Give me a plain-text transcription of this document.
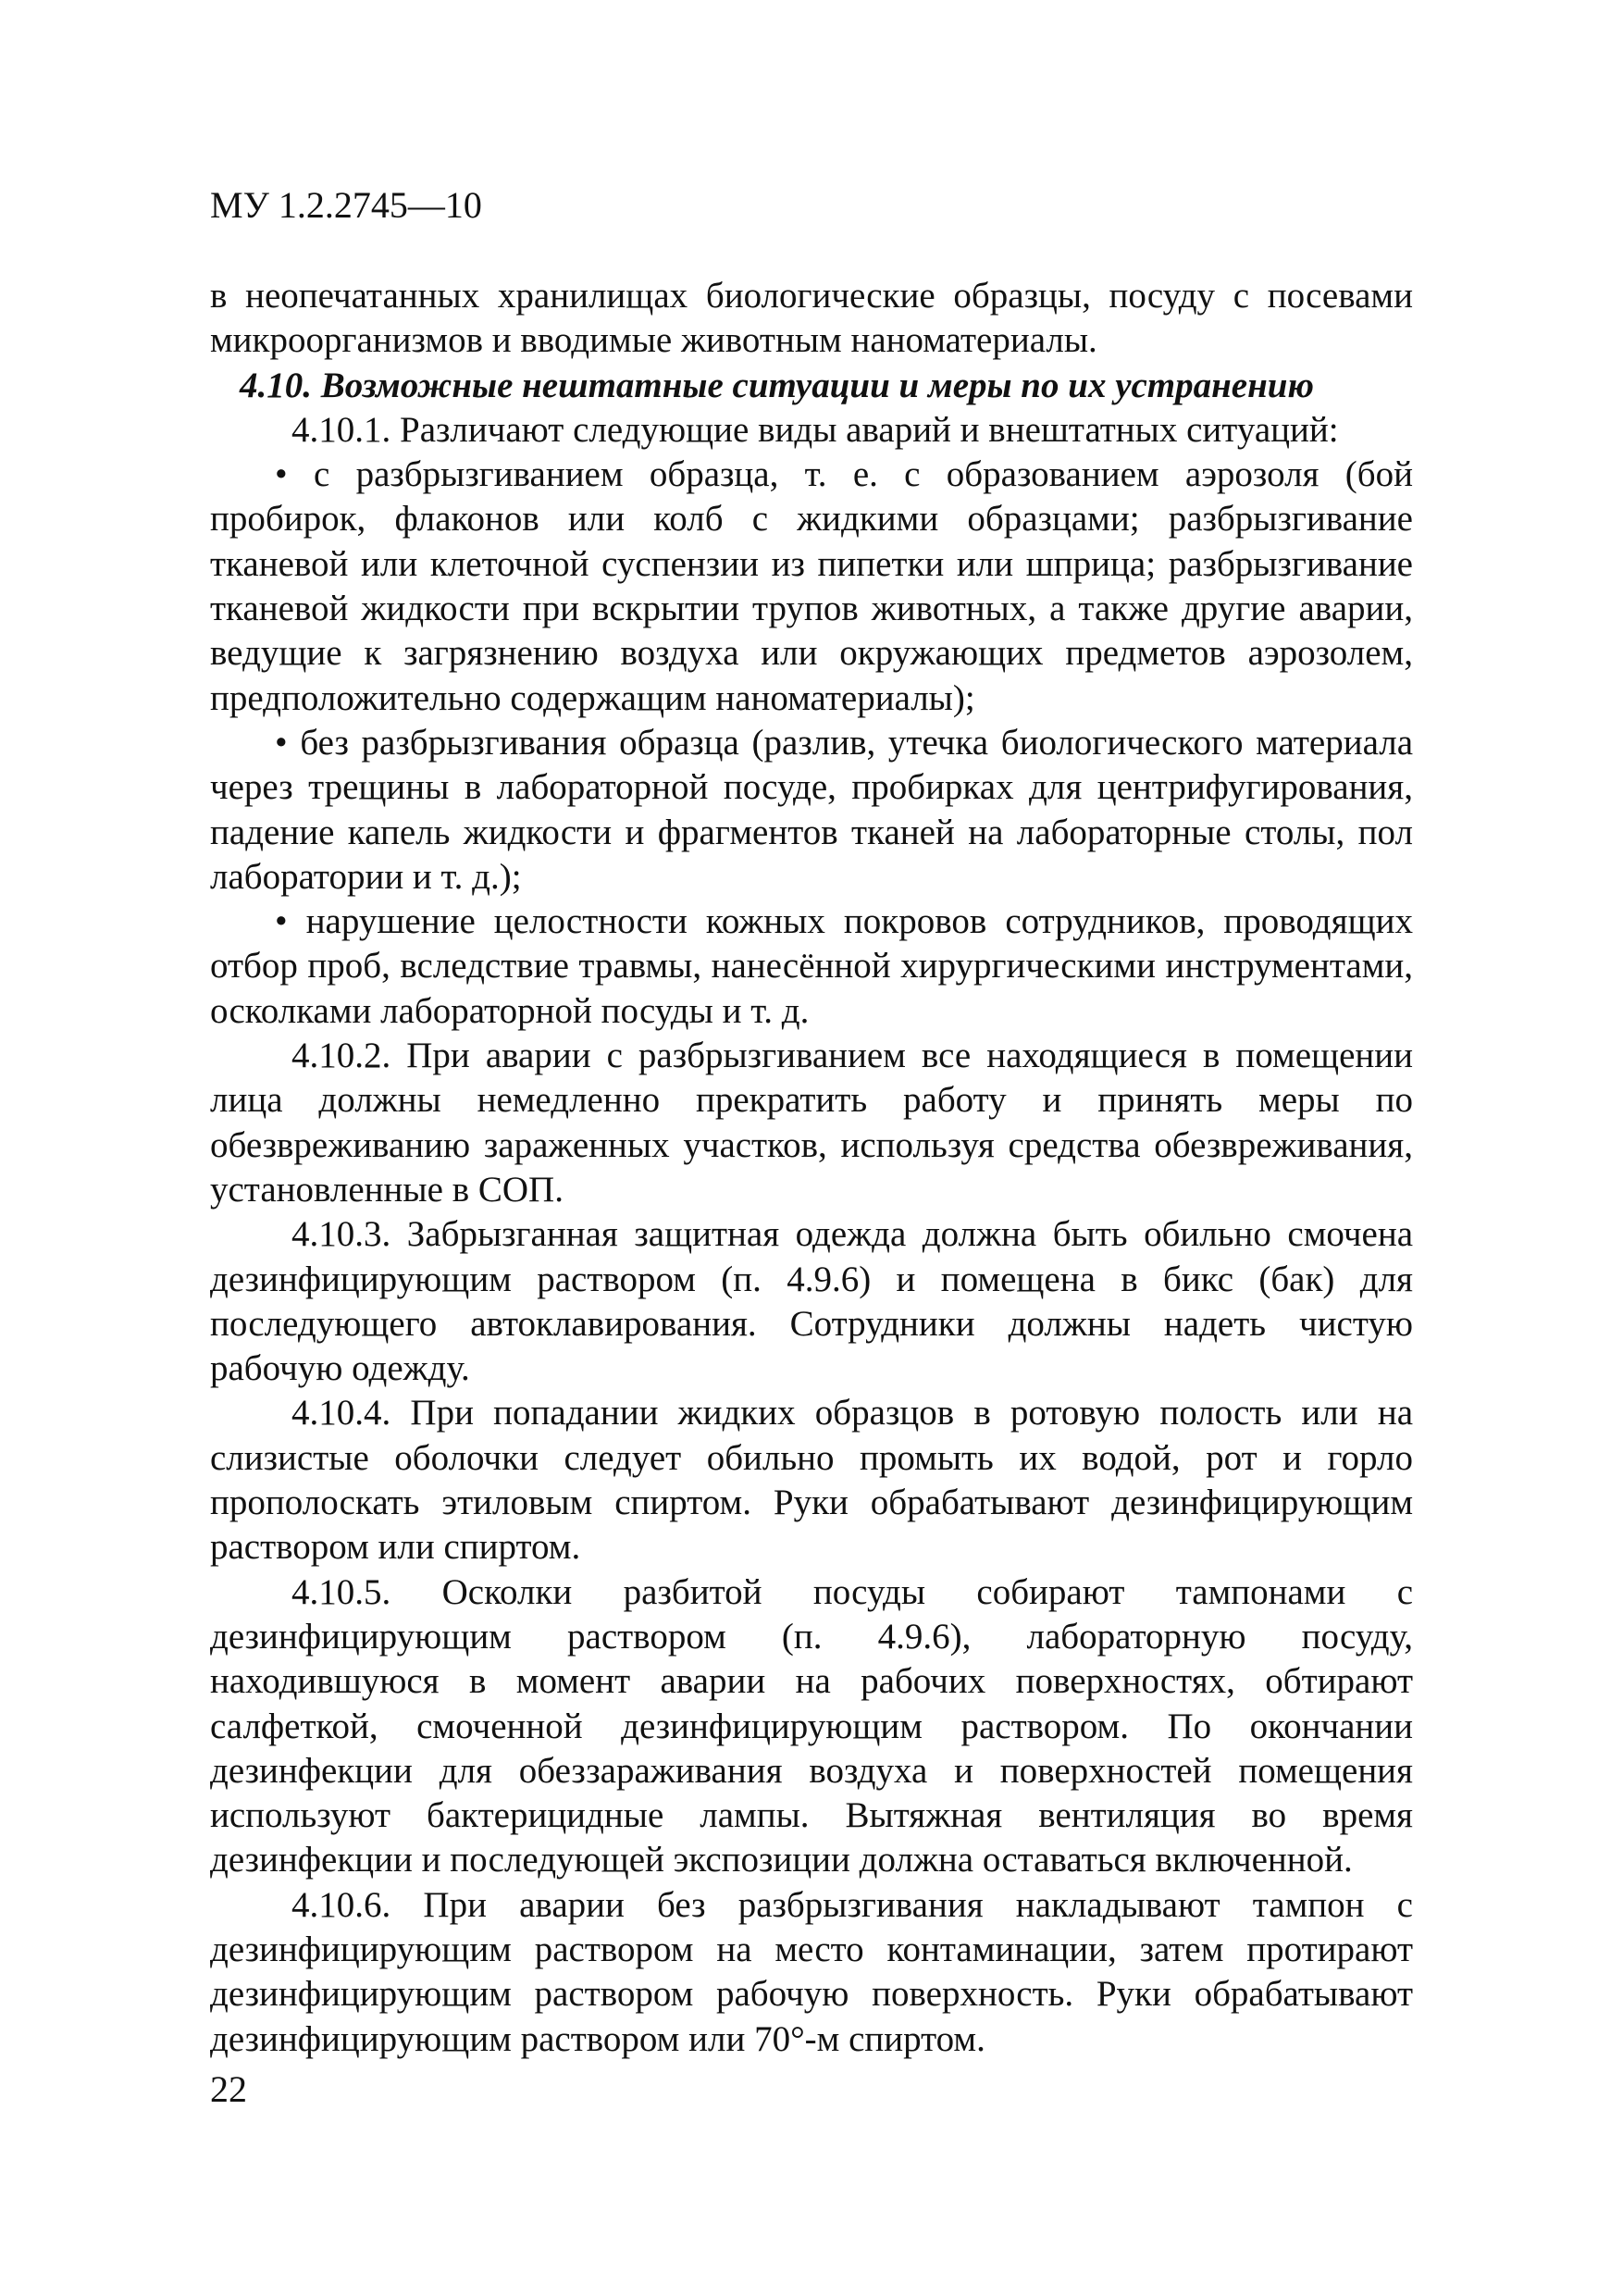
МУ 1.2.2745—10

в неопечатанных хранилищах биологические образцы, посуду с посевами микроорганизмов и вводимые животным наноматериалы.

4.10. Возможные нештатные ситуации и меры по их устранению

4.10.1. Различают следующие виды аварий и внештатных ситуаций:

• с разбрызгиванием образца, т. е. с образованием аэрозоля (бой пробирок, флаконов или колб с жидкими образцами; разбрызгивание тканевой или клеточной суспензии из пипетки или шприца; разбрызгивание тканевой жидкости при вскрытии трупов животных, а также другие аварии, ведущие к загрязнению воздуха или окружающих предметов аэрозолем, предположительно содержащим наноматериалы);

• без разбрызгивания образца (разлив, утечка биологического материала через трещины в лабораторной посуде, пробирках для центрифугирования, падение капель жидкости и фрагментов тканей на лабораторные столы, пол лаборатории и т. д.);

• нарушение целостности кожных покровов сотрудников, проводящих отбор проб, вследствие травмы, нанесённой хирургическими инструментами, осколками лабораторной посуды и т. д.

4.10.2. При аварии с разбрызгиванием все находящиеся в помещении лица должны немедленно прекратить работу и принять меры по обезвреживанию зараженных участков, используя средства обезвреживания, установленные в СОП.

4.10.3. Забрызганная защитная одежда должна быть обильно смочена дезинфицирующим раствором (п. 4.9.6) и помещена в бикс (бак) для последующего автоклавирования. Сотрудники должны надеть чистую рабочую одежду.

4.10.4. При попадании жидких образцов в ротовую полость или на слизистые оболочки следует обильно промыть их водой, рот и горло прополоскать этиловым спиртом. Руки обрабатывают дезинфицирующим раствором или спиртом.

4.10.5. Осколки разбитой посуды собирают тампонами с дезинфицирующим раствором (п. 4.9.6), лабораторную посуду, находившуюся в момент аварии на рабочих поверхностях, обтирают салфеткой, смоченной дезинфицирующим раствором. По окончании дезинфекции для обеззараживания воздуха и поверхностей помещения используют бактерицидные лампы. Вытяжная вентиляция во время дезинфекции и последующей экспозиции должна оставаться включенной.

4.10.6. При аварии без разбрызгивания накладывают тампон с дезинфицирующим раствором на место контаминации, затем протирают дезинфицирующим раствором рабочую поверхность. Руки обрабатывают дезинфицирующим раствором или 70°-м спиртом.

22
